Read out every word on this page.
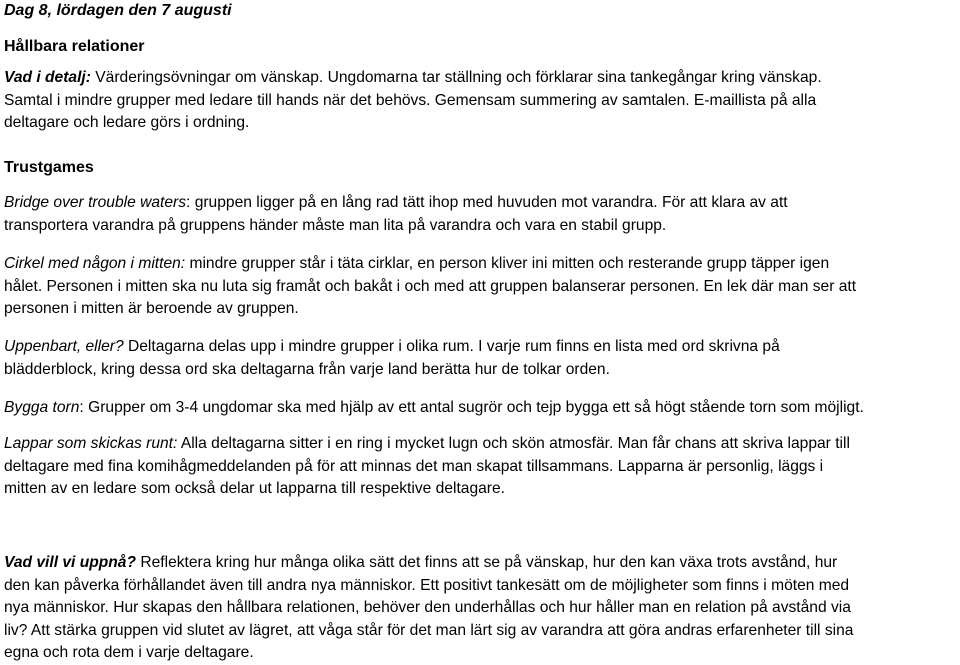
Dag 8, lördagen den 7 augusti
Hållbara relationer
Vad i detalj: Värderingsövningar om vänskap. Ungdomarna tar ställning och förklarar sina tankegångar kring vänskap.
Samtal i mindre grupper med ledare till hands när det behövs. Gemensam summering av samtalen. E-maillista på alla
deltagare och ledare görs i ordning.
Trustgames
Bridge over trouble waters: gruppen ligger på en lång rad tätt ihop med huvuden mot varandra. För att klara av att
transportera varandra på gruppens händer måste man lita på varandra och vara en stabil grupp.
Cirkel med någon i mitten: mindre grupper står i täta cirklar, en person kliver ini mitten och resterande grupp täpper igen
hålet. Personen i mitten ska nu luta sig framåt och bakåt i och med att gruppen balanserar personen. En lek där man ser att
personen i mitten är beroende av gruppen.
Uppenbart, eller? Deltagarna delas upp i mindre grupper i olika rum. I varje rum finns en lista med ord skrivna på
blädderblock, kring dessa ord ska deltagarna från varje land berätta hur de tolkar orden.
Bygga torn: Grupper om 3-4 ungdomar ska med hjälp av ett antal sugrör och tejp bygga ett så högt stående torn som möjligt.
Lappar som skickas runt: Alla deltagarna sitter i en ring i mycket lugn och skön atmosfär. Man får chans att skriva lappar till
deltagare med fina komihågmeddelanden på för att minnas det man skapat tillsammans. Lapparna är personlig, läggs i
mitten av en ledare som också delar ut lapparna till respektive deltagare.
Vad vill vi uppnå? Reflektera kring hur många olika sätt det finns att se på vänskap, hur den kan växa trots avstånd, hur
den kan påverka förhållandet även till andra nya människor. Ett positivt tankesätt om de möjligheter som finns i möten med
nya människor. Hur skapas den hållbara relationen, behöver den underhållas och hur håller man en relation på avstånd via
liv? Att stärka gruppen vid slutet av lägret, att våga står för det man lärt sig av varandra att göra andras erfarenheter till sina
egna och rota dem i varje deltagare.
